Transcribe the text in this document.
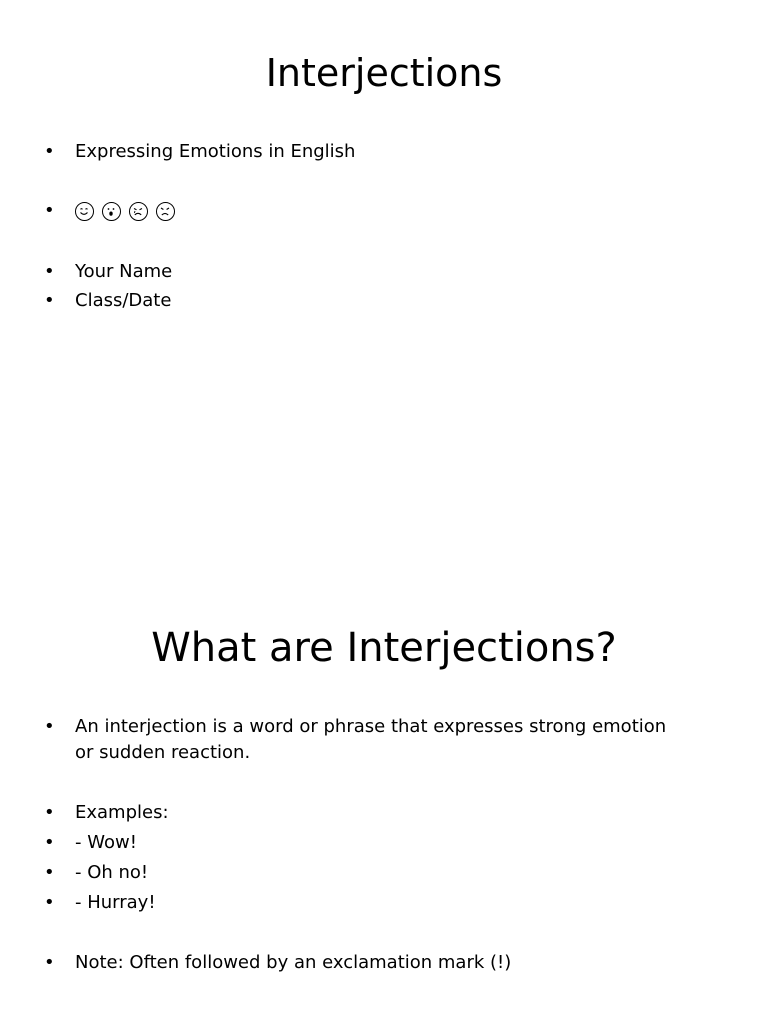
Interjections
• Expressing Emotions in English
•
• Your Name
• Class/Date
What are Interjections?
• An interjection is a word or phrase that expresses strong emotion or sudden reaction.
• Examples:
• - Wow!
• - Oh no!
• - Hurray!
• Note: Often followed by an exclamation mark (!)
